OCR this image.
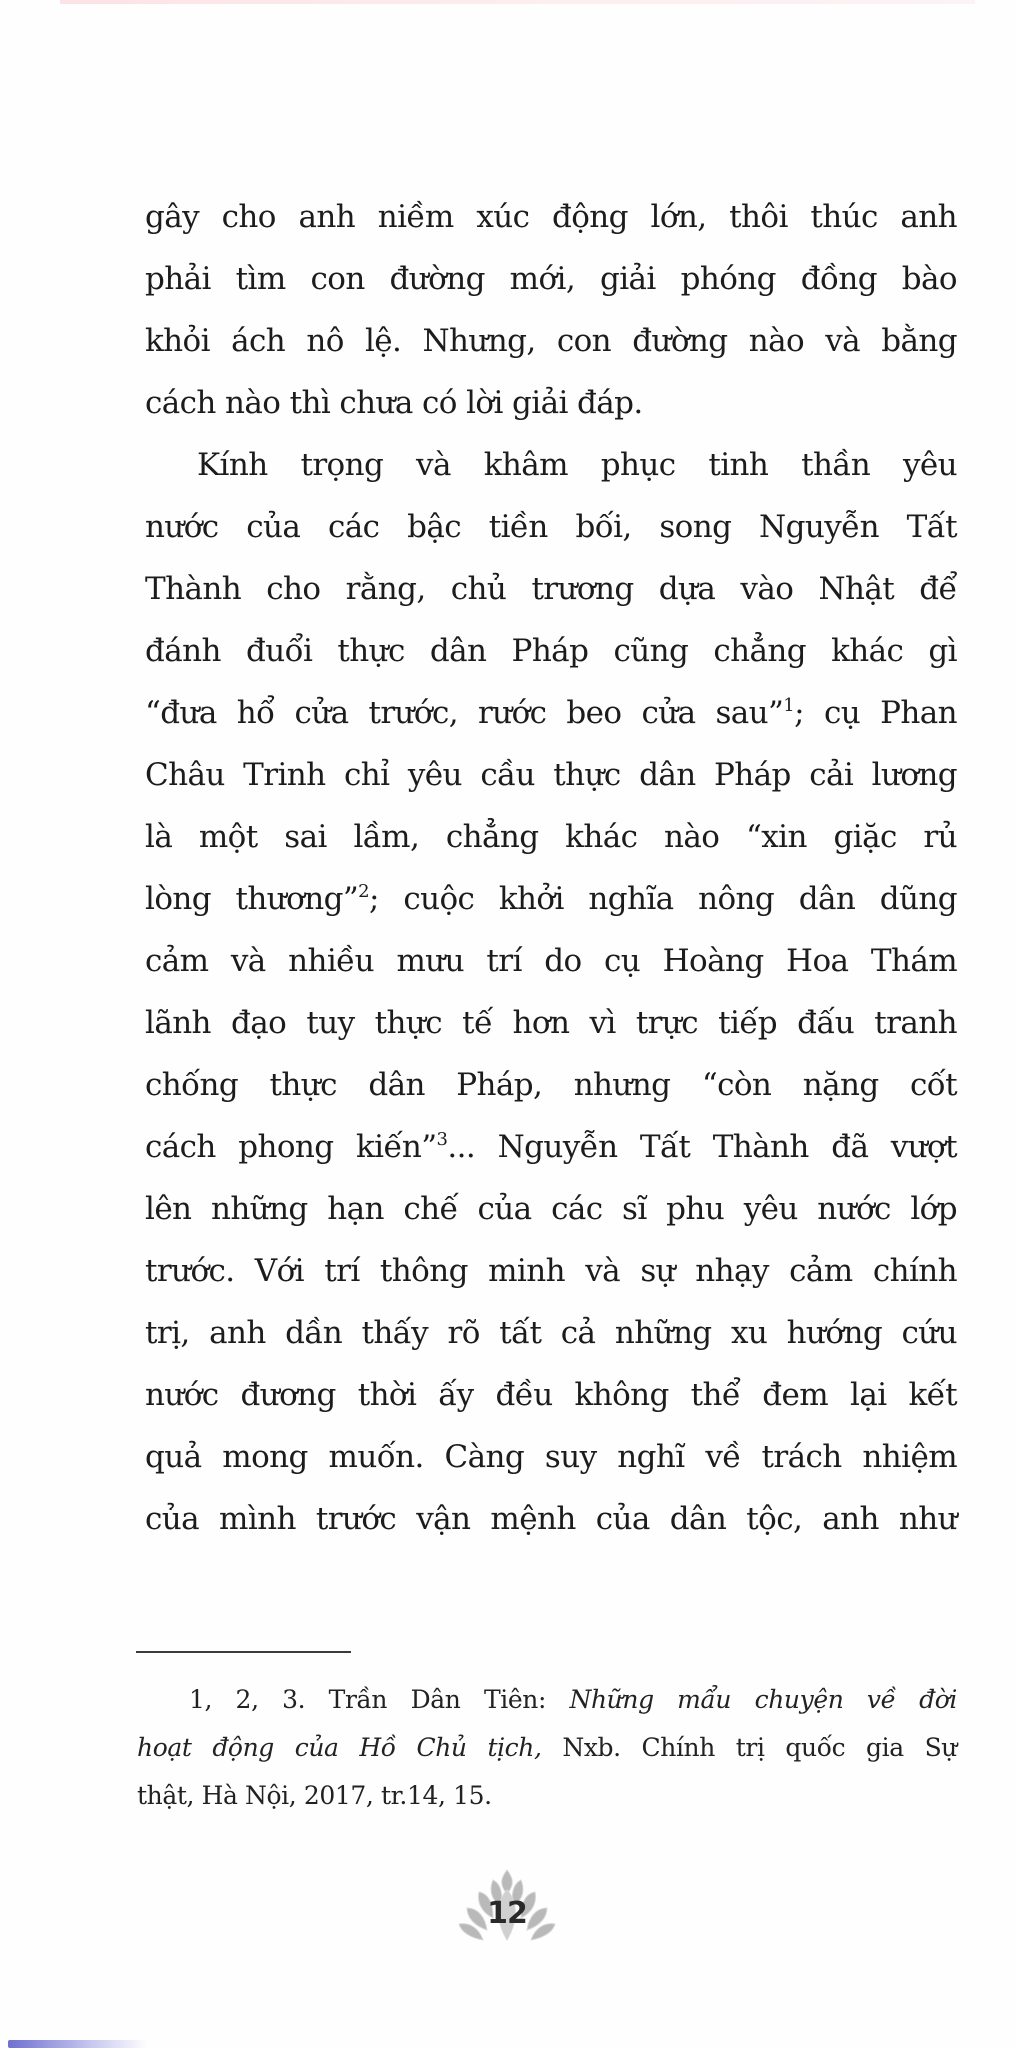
gây cho anh niềm xúc động lớn, thôi thúc anh
phải tìm con đường mới, giải phóng đồng bào
khỏi ách nô lệ. Nhưng, con đường nào và bằng
cách nào thì chưa có lời giải đáp.
Kính trọng và khâm phục tinh thần yêu
nước của các bậc tiền bối, song Nguyễn Tất
Thành cho rằng, chủ trương dựa vào Nhật để
đánh đuổi thực dân Pháp cũng chẳng khác gì
“đưa hổ cửa trước, rước beo cửa sau”$^1$; cụ Phan
Châu Trinh chỉ yêu cầu thực dân Pháp cải lương
là một sai lầm, chẳng khác nào “xin giặc rủ
lòng thương”$^2$; cuộc khởi nghĩa nông dân dũng
cảm và nhiều mưu trí do cụ Hoàng Hoa Thám
lãnh đạo tuy thực tế hơn vì trực tiếp đấu tranh
chống thực dân Pháp, nhưng “còn nặng cốt
cách phong kiến”$^3$... Nguyễn Tất Thành đã vượt
lên những hạn chế của các sĩ phu yêu nước lớp
trước. Với trí thông minh và sự nhạy cảm chính
trị, anh dần thấy rõ tất cả những xu hướng cứu
nước đương thời ấy đều không thể đem lại kết
quả mong muốn. Càng suy nghĩ về trách nhiệm
của mình trước vận mệnh của dân tộc, anh như
1, 2, 3. Trần Dân Tiên: Những mẩu chuyện về đời
hoạt động của Hồ Chủ tịch, Nxb. Chính trị quốc gia Sự
thật, Hà Nội, 2017, tr.14, 15.
12
